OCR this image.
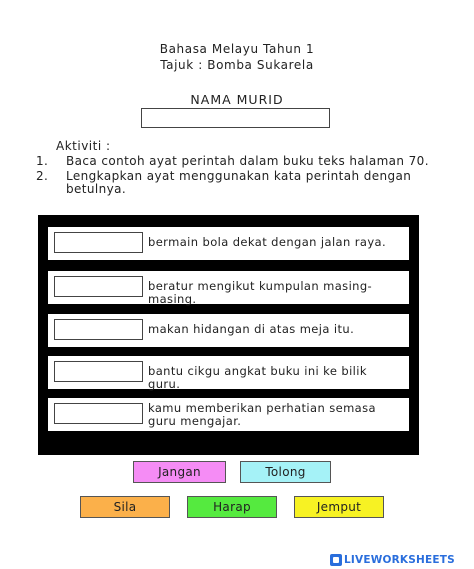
Bahasa Melayu Tahun 1
Tajuk : Bomba Sukarela
NAMA MURID
Aktiviti :
1. Baca contoh ayat perintah dalam buku teks halaman 70.
2. Lengkapkan ayat menggunakan kata perintah dengan
betulnya.
bermain bola dekat dengan jalan raya.
beratur mengikut kumpulan masing-masing.
makan hidangan di atas meja itu.
bantu cikgu angkat buku ini ke bilik guru.
kamu memberikan perhatian semasa guru mengajar.
Jangan	Tolong
Sila	Harap	Jemput
LIVEWORKSHEETS
